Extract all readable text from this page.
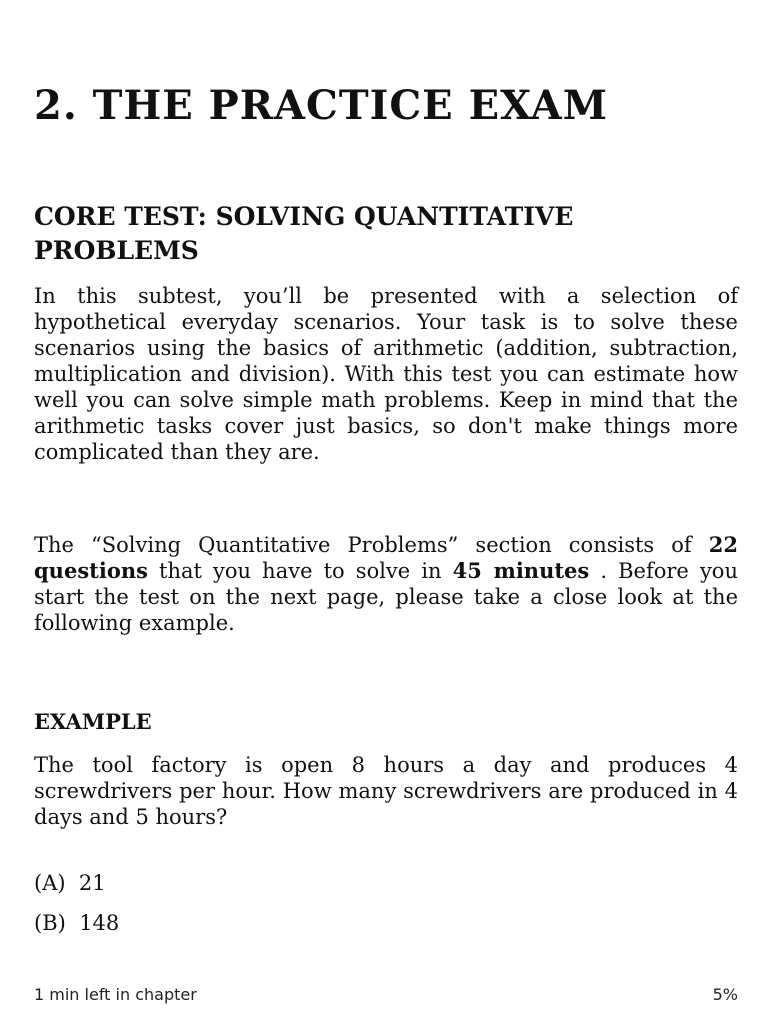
2. THE PRACTICE EXAM
CORE TEST: SOLVING QUANTITATIVE PROBLEMS

In this subtest, you’ll be presented with a selection of hypothetical everyday scenarios. Your task is to solve these scenarios using the basics of arithmetic (addition, subtraction, multiplication and division). With this test you can estimate how well you can solve simple math problems. Keep in mind that the arithmetic tasks cover just basics, so don't make things more complicated than they are.

The “Solving Quantitative Problems” section consists of 22 questions that you have to solve in 45 minutes . Before you start the test on the next page, please take a close look at the following example.

EXAMPLE

The tool factory is open 8 hours a day and produces 4 screwdrivers per hour. How many screwdrivers are produced in 4 days and 5 hours?

(A) 21

(B) 148

1 min left in chapter	5%
